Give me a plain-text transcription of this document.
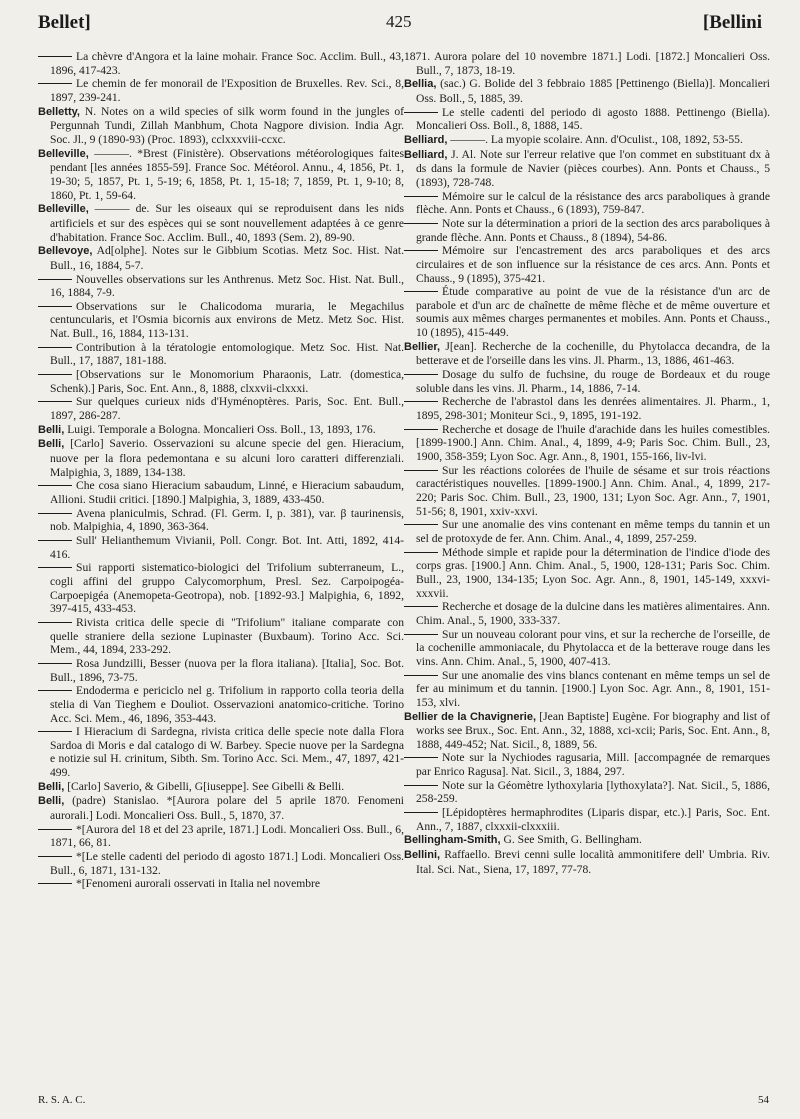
Bellet]	425	[Bellini

La chèvre d'Angora et la laine mohair. France Soc. Acclim. Bull., 43, 1896, 417-423.

Le chemin de fer monorail de l'Exposition de Bruxelles. Rev. Sci., 8, 1897, 239-241.

Belletty, N. Notes on a wild species of silk worm found in the jungles of Pergunnah Tundi, Zillah Manbhum, Chota Nagpore division. India Agr. Soc. Jl., 9 (1890-93) (Proc. 1893), cclxxxviii-ccxc.

Belleville, ———. *Brest (Finistère). Observations météorologiques faites pendant [les années 1855-59]. France Soc. Météorol. Annu., 4, 1856, Pt. 1, 19-30; 5, 1857, Pt. 1, 5-19; 6, 1858, Pt. 1, 15-18; 7, 1859, Pt. 1, 9-10; 8, 1860, Pt. 1, 59-64.

Belleville, ——— de. Sur les oiseaux qui se reproduisent dans les nids artificiels et sur des espèces qui se sont nouvellement adaptées à ce genre d'habitation. France Soc. Acclim. Bull., 40, 1893 (Sem. 2), 89-90.

Bellevoye, Ad[olphe]. Notes sur le Gibbium Scotias. Metz Soc. Hist. Nat. Bull., 16, 1884, 5-7.

Nouvelles observations sur les Anthrenus. Metz Soc. Hist. Nat. Bull., 16, 1884, 7-9.

Observations sur le Chalicodoma muraria, le Megachilus centuncularis, et l'Osmia bicornis aux environs de Metz. Metz Soc. Hist. Nat. Bull., 16, 1884, 113-131.

Contribution à la tératologie entomologique. Metz Soc. Hist. Nat. Bull., 17, 1887, 181-188.

[Observations sur le Monomorium Pharaonis, Latr. (domestica, Schenk).] Paris, Soc. Ent. Ann., 8, 1888, clxxvii-clxxxi.

Sur quelques curieux nids d'Hyménoptères. Paris, Soc. Ent. Bull., 1897, 286-287.

Belli, Luigi. Temporale a Bologna. Moncalieri Oss. Boll., 13, 1893, 176.

Belli, [Carlo] Saverio. Osservazioni su alcune specie del gen. Hieracium, nuove per la flora pedemontana e su alcuni loro caratteri differenziali. Malpighia, 3, 1889, 134-138.

Che cosa siano Hieracium sabaudum, Linné, e Hieracium sabaudum, Allioni. Studii critici. [1890.] Malpighia, 3, 1889, 433-450.

Avena planiculmis, Schrad. (Fl. Germ. I, p. 381), var. β taurinensis, nob. Malpighia, 4, 1890, 363-364.

Sull' Helianthemum Vivianii, Poll. Congr. Bot. Int. Atti, 1892, 414-416.

Sui rapporti sistematico-biologici del Trifolium subterraneum, L., cogli affini del gruppo Calycomorphum, Presl. Sez. Carpoipogéa-Carpoepigéa (Anemopeta-Geotropa), nob. [1892-93.] Malpighia, 6, 1892, 397-415, 433-453.

Rivista critica delle specie di "Trifolium" italiane comparate con quelle straniere della sezione Lupinaster (Buxbaum). Torino Acc. Sci. Mem., 44, 1894, 233-292.

Rosa Jundzilli, Besser (nuova per la flora italiana). [Italia], Soc. Bot. Bull., 1896, 73-75.

Endoderma e periciclo nel g. Trifolium in rapporto colla teoria della stelia di Van Tieghem e Douliot. Osservazioni anatomico-critiche. Torino Acc. Sci. Mem., 46, 1896, 353-443.

I Hieracium di Sardegna, rivista critica delle specie note dalla Flora Sardoa di Moris e dal catalogo di W. Barbey. Specie nuove per la Sardegna e notizie sul H. crinitum, Sibth. Sm. Torino Acc. Sci. Mem., 47, 1897, 421-499.

Belli, [Carlo] Saverio, & Gibelli, G[iuseppe]. See Gibelli & Belli.

Belli, (padre) Stanislao. *[Aurora polare del 5 aprile 1870. Fenomeni aurorali.] Lodi. Moncalieri Oss. Bull., 5, 1870, 37.

*[Aurora del 18 et del 23 aprile, 1871.] Lodi. Moncalieri Oss. Bull., 6, 1871, 66, 81.

*[Le stelle cadenti del periodo di agosto 1871.] Lodi. Moncalieri Oss. Bull., 6, 1871, 131-132.

*[Fenomeni aurorali osservati in Italia nel novembre

1871. Aurora polare del 10 novembre 1871.] Lodi. [1872.] Moncalieri Oss. Bull., 7, 1873, 18-19.

Bellia, (sac.) G. Bolide del 3 febbraio 1885 [Pettinengo (Biella)]. Moncalieri Oss. Boll., 5, 1885, 39.

Le stelle cadenti del periodo di agosto 1888. Pettinengo (Biella). Moncalieri Oss. Boll., 8, 1888, 145.

Belliard, ———. La myopie scolaire. Ann. d'Oculist., 108, 1892, 53-55.

Belliard, J. Al. Note sur l'erreur relative que l'on commet en substituant dx à ds dans la formule de Navier (pièces courbes). Ann. Ponts et Chauss., 5 (1893), 728-748.

Mémoire sur le calcul de la résistance des arcs paraboliques à grande flèche. Ann. Ponts et Chauss., 6 (1893), 759-847.

Note sur la détermination a priori de la section des arcs paraboliques à grande flèche. Ann. Ponts et Chauss., 8 (1894), 54-86.

Mémoire sur l'encastrement des arcs paraboliques et des arcs circulaires et de son influence sur la résistance de ces arcs. Ann. Ponts et Chauss., 9 (1895), 375-421.

Étude comparative au point de vue de la résistance d'un arc de parabole et d'un arc de chaînette de même flèche et de même ouverture et soumis aux mêmes charges permanentes et mobiles. Ann. Ponts et Chauss., 10 (1895), 415-449.

Bellier, J[ean]. Recherche de la cochenille, du Phytolacca decandra, de la betterave et de l'orseille dans les vins. Jl. Pharm., 13, 1886, 461-463.

Dosage du sulfo de fuchsine, du rouge de Bordeaux et du rouge soluble dans les vins. Jl. Pharm., 14, 1886, 7-14.

Recherche de l'abrastol dans les denrées alimentaires. Jl. Pharm., 1, 1895, 298-301; Moniteur Sci., 9, 1895, 191-192.

Recherche et dosage de l'huile d'arachide dans les huiles comestibles. [1899-1900.] Ann. Chim. Anal., 4, 1899, 4-9; Paris Soc. Chim. Bull., 23, 1900, 358-359; Lyon Soc. Agr. Ann., 8, 1901, 155-166, liv-lvi.

Sur les réactions colorées de l'huile de sésame et sur trois réactions caractéristiques nouvelles. [1899-1900.] Ann. Chim. Anal., 4, 1899, 217-220; Paris Soc. Chim. Bull., 23, 1900, 131; Lyon Soc. Agr. Ann., 7, 1901, 51-56; 8, 1901, xxiv-xxvi.

Sur une anomalie des vins contenant en même temps du tannin et un sel de protoxyde de fer. Ann. Chim. Anal., 4, 1899, 257-259.

Méthode simple et rapide pour la détermination de l'indice d'iode des corps gras. [1900.] Ann. Chim. Anal., 5, 1900, 128-131; Paris Soc. Chim. Bull., 23, 1900, 134-135; Lyon Soc. Agr. Ann., 8, 1901, 145-149, xxxvi-xxxvii.

Recherche et dosage de la dulcine dans les matières alimentaires. Ann. Chim. Anal., 5, 1900, 333-337.

Sur un nouveau colorant pour vins, et sur la recherche de l'orseille, de la cochenille ammoniacale, du Phytolacca et de la betterave rouge dans les vins. Ann. Chim. Anal., 5, 1900, 407-413.

Sur une anomalie des vins blancs contenant en même temps un sel de fer au minimum et du tannin. [1900.] Lyon Soc. Agr. Ann., 8, 1901, 151-153, xlvi.

Bellier de la Chavignerie, [Jean Baptiste] Eugène. For biography and list of works see Brux., Soc. Ent. Ann., 32, 1888, xci-xcii; Paris, Soc. Ent. Ann., 8, 1888, 449-452; Nat. Sicil., 8, 1889, 56.

Note sur la Nychiodes ragusaria, Mill. [accompagnée de remarques par Enrico Ragusa]. Nat. Sicil., 3, 1884, 297.

Note sur la Géomètre lythoxylaria [lythoxylata?]. Nat. Sicil., 5, 1886, 258-259.

[Lépidoptères hermaphrodites (Liparis dispar, etc.).] Paris, Soc. Ent. Ann., 7, 1887, clxxxii-clxxxiii.

Bellingham-Smith, G. See Smith, G. Bellingham.

Bellini, Raffaello. Brevi cenni sulle località ammonitifere dell' Umbria. Riv. Ital. Sci. Nat., Siena, 17, 1897, 77-78.

R. S. A. C.	54
